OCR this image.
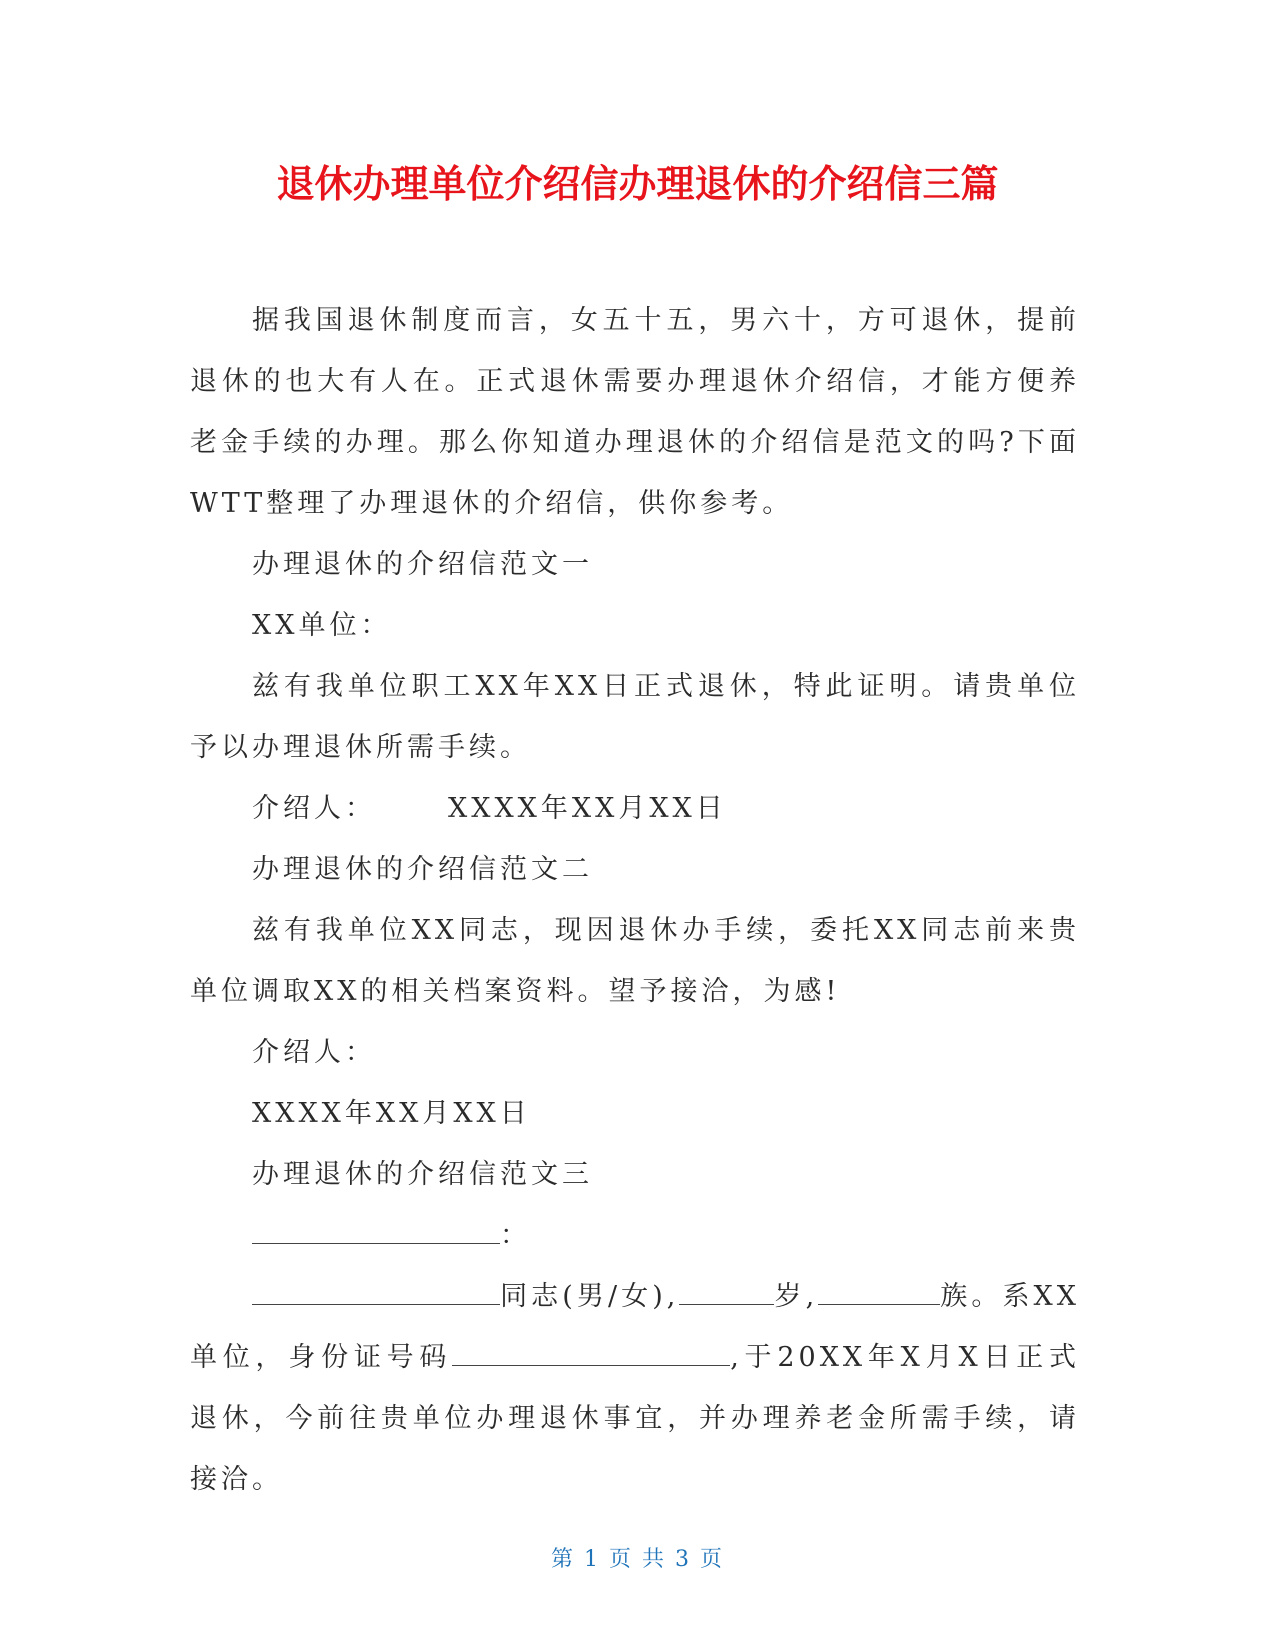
退休办理单位介绍信办理退休的介绍信三篇

据我国退休制度而言，女五十五，男六十，方可退休，提前退休的也大有人在。正式退休需要办理退休介绍信，才能方便养老金手续的办理。那么你知道办理退休的介绍信是范文的吗?下面WTT整理了办理退休的介绍信，供你参考。

办理退休的介绍信范文一

XX单位：

兹有我单位职工XX年XX日正式退休，特此证明。请贵单位予以办理退休所需手续。

介绍人：	XXXX年XX月XX日

办理退休的介绍信范文二

兹有我单位XX同志，现因退休办手续，委托XX同志前来贵单位调取XX的相关档案资料。望予接洽，为感!

介绍人：

XXXX年XX月XX日

办理退休的介绍信范文三

：

同志(男/女),	岁,	族。系XX单位，身份证号码	,于20XX年X月X日正式退休，今前往贵单位办理退休事宜，并办理养老金所需手续，请接洽。

第 1 页 共 3 页
